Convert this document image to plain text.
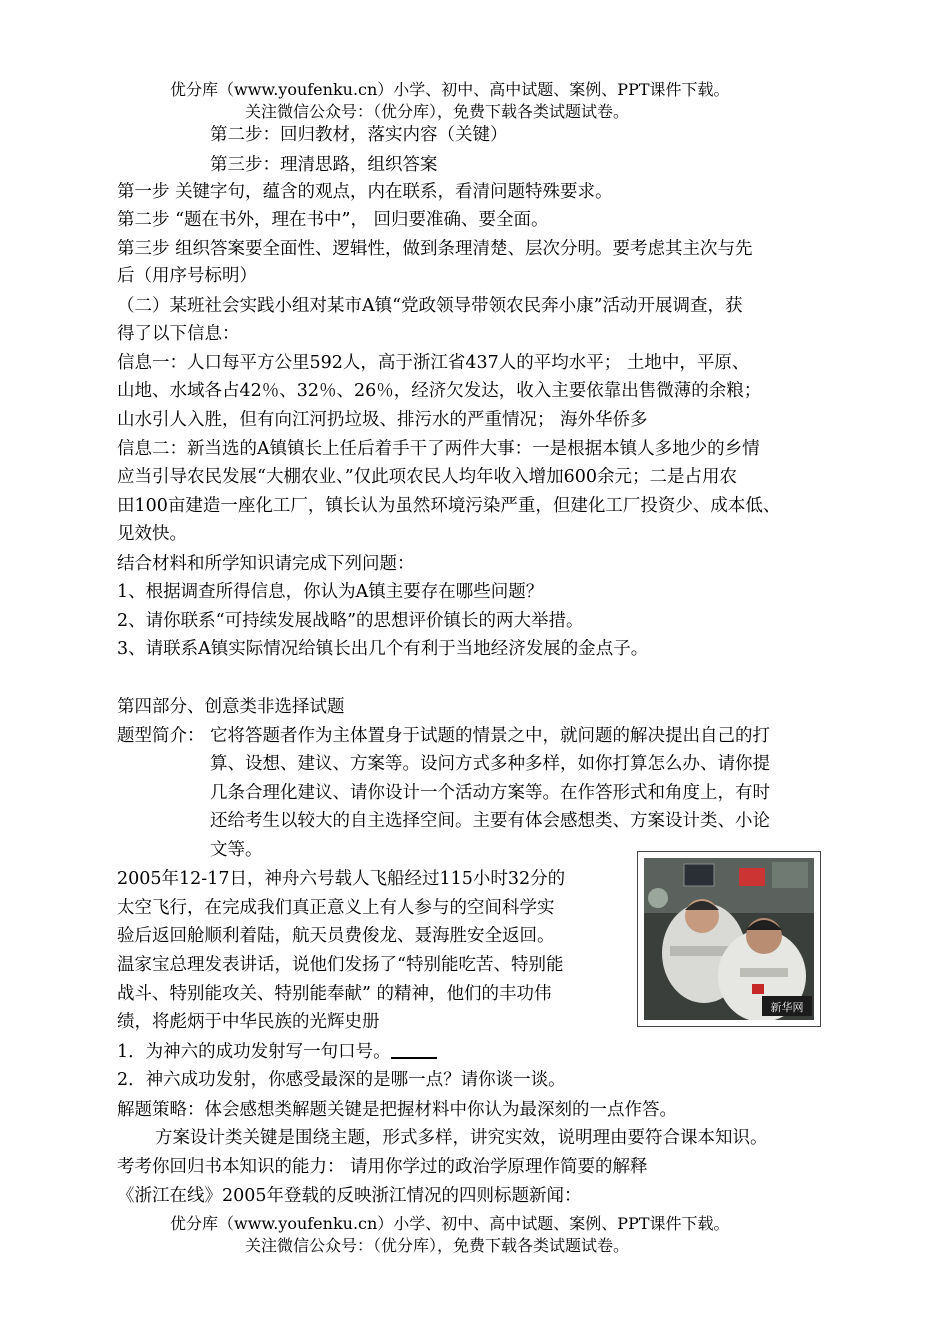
优分库（www.youfenku.cn）小学、初中、高中试题、案例、PPT课件下载。
关注微信公众号：（优分库），免费下载各类试题试卷。
第二步：回归教材，落实内容（关键）
第三步：理清思路，组织答案
第一步 关键字句，蕴含的观点，内在联系，看清问题特殊要求。
第二步 “题在书外，理在书中”， 回归要准确、要全面。
第三步 组织答案要全面性、逻辑性，做到条理清楚、层次分明。要考虑其主次与先
后（用序号标明）
（二）某班社会实践小组对某市A镇“党政领导带领农民奔小康”活动开展调查，获
得了以下信息：
信息一：人口每平方公里592人，高于浙江省437人的平均水平； 土地中，平原、
山地、水域各占42％、32％、26％，经济欠发达，收入主要依靠出售微薄的余粮；
山水引人入胜，但有向江河扔垃圾、排污水的严重情况； 海外华侨多
信息二：新当选的A镇镇长上任后着手干了两件大事：一是根据本镇人多地少的乡情
应当引导农民发展“大棚农业、”仅此项农民人均年收入增加600余元；二是占用农
田100亩建造一座化工厂，镇长认为虽然环境污染严重，但建化工厂投资少、成本低、
见效快。
结合材料和所学知识请完成下列问题：
1、根据调查所得信息，你认为A镇主要存在哪些问题？
2、请你联系“可持续发展战略”的思想评价镇长的两大举措。
3、请联系A镇实际情况给镇长出几个有利于当地经济发展的金点子。
第四部分、创意类非选择试题
题型简介： 它将答题者作为主体置身于试题的情景之中，就问题的解决提出自己的打
算、设想、建议、方案等。设问方式多种多样，如你打算怎么办、请你提
几条合理化建议、请你设计一个活动方案等。在作答形式和角度上，有时
还给考生以较大的自主选择空间。主要有体会感想类、方案设计类、小论
文等。
2005年12-17日，神舟六号载人飞船经过115小时32分的
太空飞行，在完成我们真正意义上有人参与的空间科学实
验后返回舱顺利着陆，航天员费俊龙、聂海胜安全返回。
温家宝总理发表讲话，说他们发扬了“特别能吃苦、特别能
战斗、特别能攻关、特别能奉献” 的精神，他们的丰功伟
绩，将彪炳于中华民族的光辉史册
1．为神六的成功发射写一句口号。
2．神六成功发射，你感受最深的是哪一点？请你谈一谈。
解题策略：体会感想类解题关键是把握材料中你认为最深刻的一点作答。
方案设计类关键是围绕主题，形式多样，讲究实效，说明理由要符合课本知识。
考考你回归书本知识的能力： 请用你学过的政治学原理作简要的解释
《浙江在线》2005年登载的反映浙江情况的四则标题新闻：
优分库（www.youfenku.cn）小学、初中、高中试题、案例、PPT课件下载。
关注微信公众号：（优分库），免费下载各类试题试卷。
新华网
